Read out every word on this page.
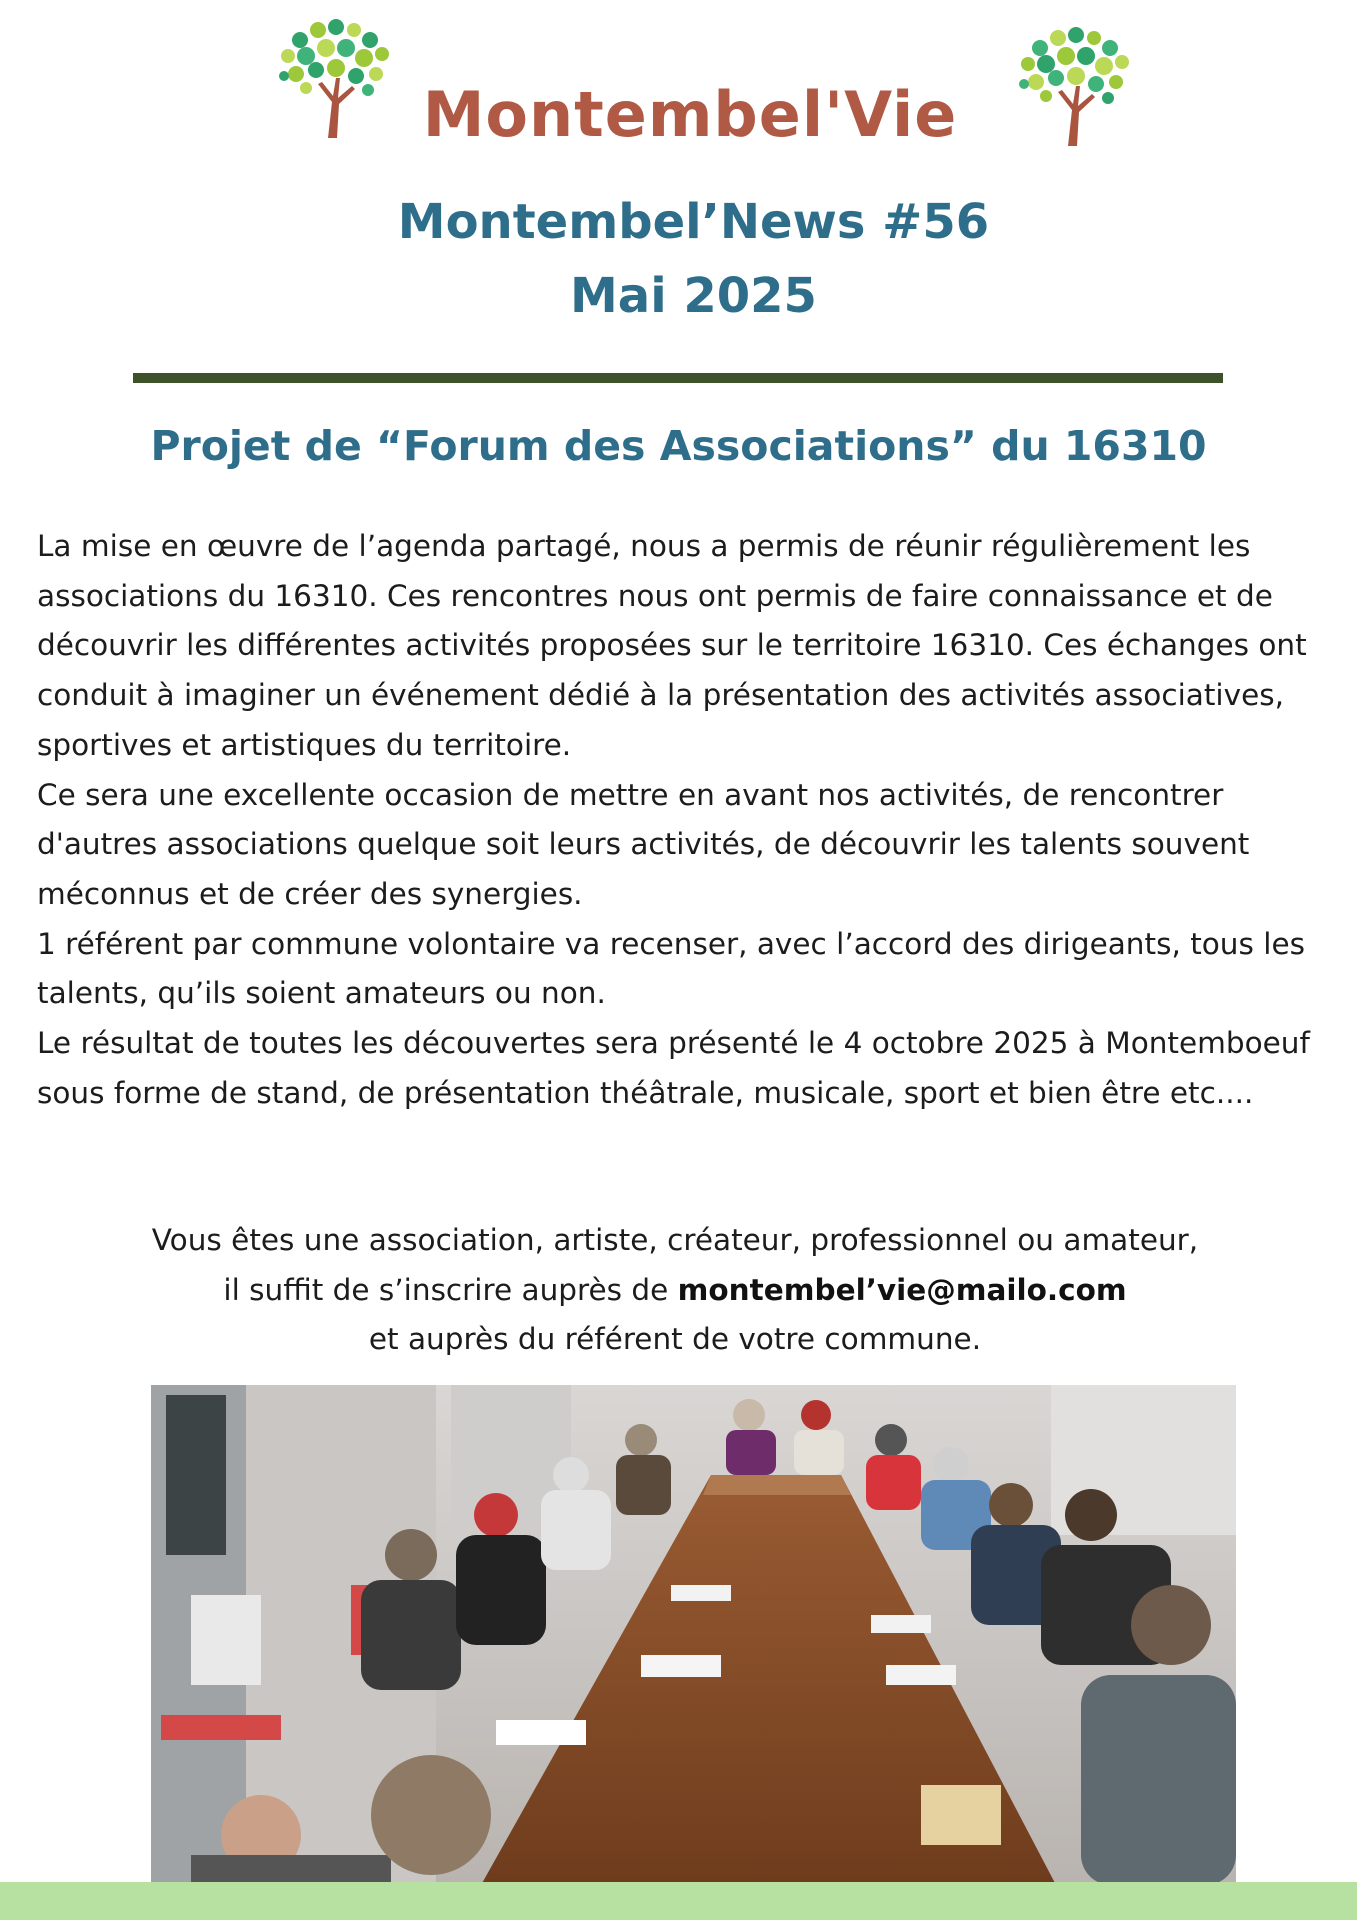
Montembel'Vie
Montembel’News #56
Mai 2025
Projet de “Forum des Associations” du 16310

La mise en œuvre de l’agenda partagé, nous a permis de réunir régulièrement les associations du 16310. Ces rencontres nous ont permis de faire connaissance et de découvrir les différentes activités proposées sur le territoire 16310. Ces échanges ont conduit à imaginer un événement dédié à la présentation des activités associatives, sportives et artistiques du territoire.

Ce sera une excellente occasion de mettre en avant nos activités, de rencontrer d'autres associations quelque soit leurs activités, de découvrir les talents souvent méconnus et de créer des synergies.

1 référent par commune volontaire va recenser, avec l’accord des dirigeants, tous les talents, qu’ils soient amateurs ou non.

Le résultat de toutes les découvertes sera présenté le 4 octobre 2025 à Montemboeuf sous forme de stand, de présentation théâtrale, musicale, sport et bien être etc....

Vous êtes une association, artiste, créateur, professionnel ou amateur,

il suffit de s’inscrire auprès de montembel’vie@mailo.com

et auprès du référent de votre commune.
